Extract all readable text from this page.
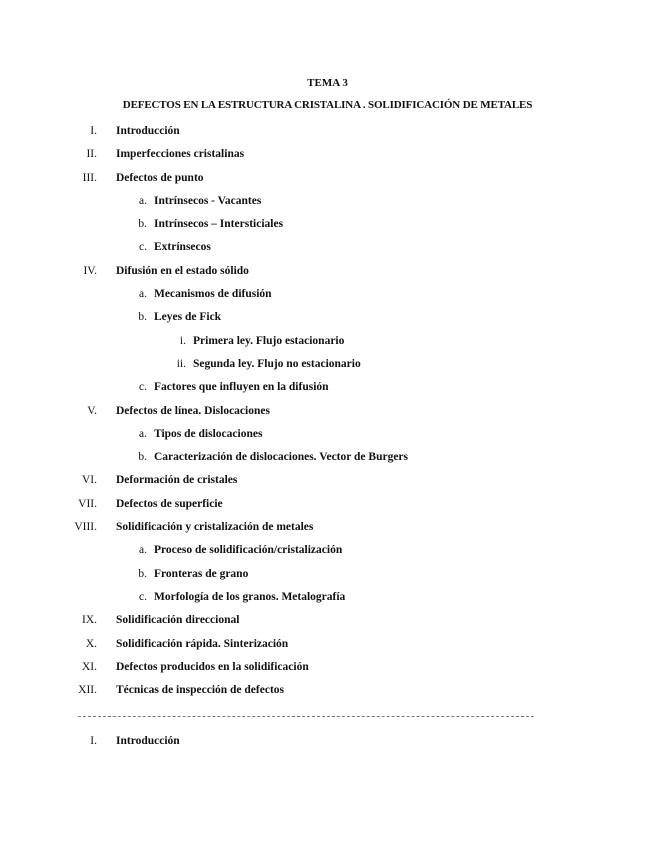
TEMA 3
DEFECTOS EN LA ESTRUCTURA CRISTALINA . SOLIDIFICACIÓN DE METALES
I. Introducción
II. Imperfecciones cristalinas
III. Defectos de punto
a. Intrínsecos - Vacantes
b. Intrínsecos – Intersticiales
c. Extrínsecos
IV. Difusión en el estado sólido
a. Mecanismos de difusión
b. Leyes de Fick
i. Primera ley. Flujo estacionario
ii. Segunda ley. Flujo no estacionario
c. Factores que influyen en la difusión
V. Defectos de línea. Dislocaciones
a. Tipos de dislocaciones
b. Caracterización de dislocaciones. Vector de Burgers
VI. Deformación de cristales
VII. Defectos de superficie
VIII. Solidificación y cristalización de metales
a. Proceso de solidificación/cristalización
b. Fronteras de grano
c. Morfología de los granos. Metalografía
IX. Solidificación direccional
X. Solidificación rápida. Sinterización
XI. Defectos producidos en la solidificación
XII. Técnicas de inspección de defectos
I. Introducción
